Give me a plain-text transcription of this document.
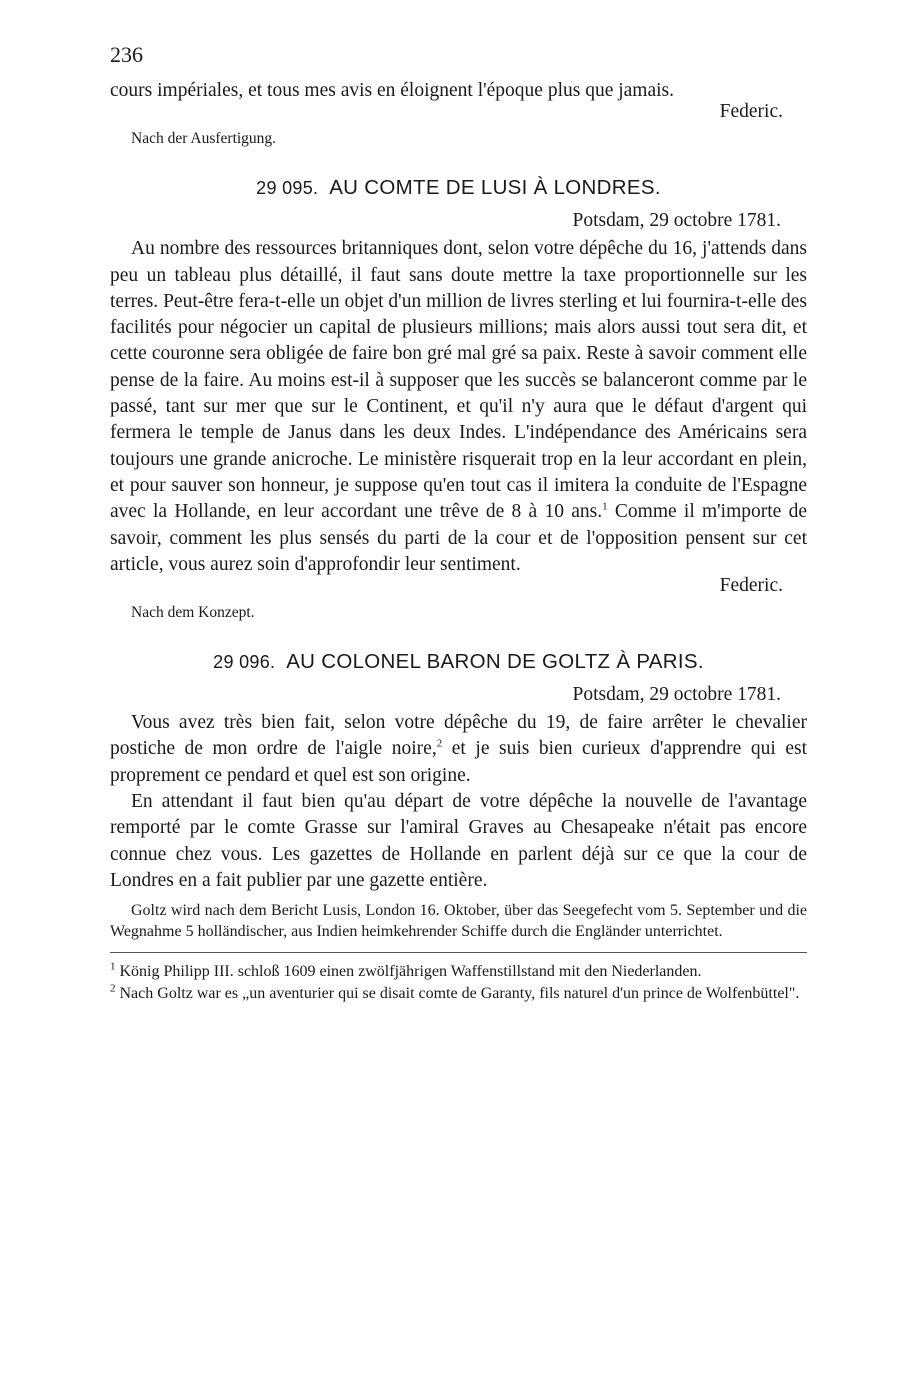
236

cours impériales, et tous mes avis en éloignent l'époque plus que jamais.

Federic.
Nach der Ausfertigung.
29 095. AU COMTE DE LUSI À LONDRES.
Potsdam, 29 octobre 1781.

Au nombre des ressources britanniques dont, selon votre dépêche du 16, j'attends dans peu un tableau plus détaillé, il faut sans doute mettre la taxe proportionnelle sur les terres. Peut-être fera-t-elle un objet d'un million de livres sterling et lui fournira-t-elle des facilités pour négocier un capital de plusieurs millions; mais alors aussi tout sera dit, et cette couronne sera obligée de faire bon gré mal gré sa paix. Reste à savoir comment elle pense de la faire. Au moins est-il à supposer que les succès se balanceront comme par le passé, tant sur mer que sur le Continent, et qu'il n'y aura que le défaut d'argent qui fermera le temple de Janus dans les deux Indes. L'indépendance des Américains sera toujours une grande anicroche. Le ministère risquerait trop en la leur accordant en plein, et pour sauver son honneur, je suppose qu'en tout cas il imitera la conduite de l'Espagne avec la Hollande, en leur accordant une trêve de 8 à 10 ans.$^1$ Comme il m'importe de savoir, comment les plus sensés du parti de la cour et de l'opposition pensent sur cet article, vous aurez soin d'approfondir leur sentiment.

Federic.
Nach dem Konzept.
29 096. AU COLONEL BARON DE GOLTZ À PARIS.
Potsdam, 29 octobre 1781.

Vous avez très bien fait, selon votre dépêche du 19, de faire arrêter le chevalier postiche de mon ordre de l'aigle noire,$^2$ et je suis bien curieux d'apprendre qui est proprement ce pendard et quel est son origine.

En attendant il faut bien qu'au départ de votre dépêche la nouvelle de l'avantage remporté par le comte Grasse sur l'amiral Graves au Chesapeake n'était pas encore connue chez vous. Les gazettes de Hollande en parlent déjà sur ce que la cour de Londres en a fait publier par une gazette entière.

Goltz wird nach dem Bericht Lusis, London 16. Oktober, über das Seegefecht vom 5. September und die Wegnahme 5 holländischer, aus Indien heimkehrender Schiffe durch die Engländer unterrichtet.

$^1$ König Philipp III. schloß 1609 einen zwölfjährigen Waffenstillstand mit den Niederlanden.

$^2$ Nach Goltz war es „un aventurier qui se disait comte de Garanty, fils naturel d'un prince de Wolfenbüttel".
